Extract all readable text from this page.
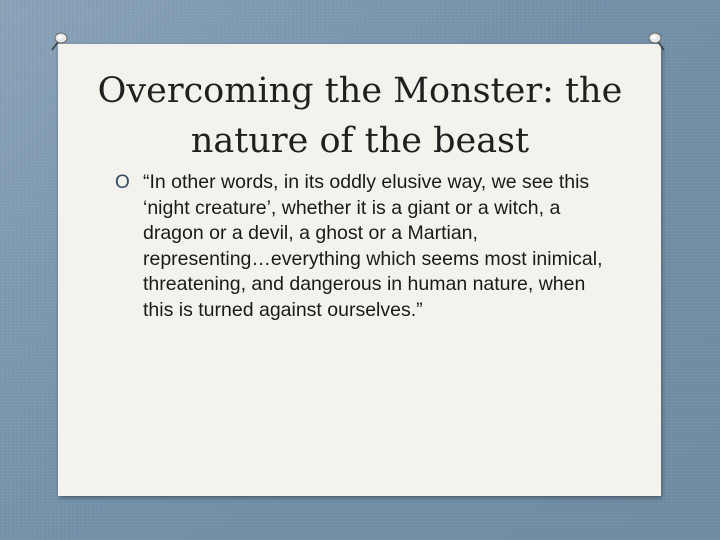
Overcoming the Monster: the nature of the beast
O “In other words, in its oddly elusive way, we see this ‘night creature’, whether it is a giant or a witch, a dragon or a devil, a ghost or a Martian, representing…everything which seems most inimical, threatening, and dangerous in human nature, when this is turned against ourselves.”
